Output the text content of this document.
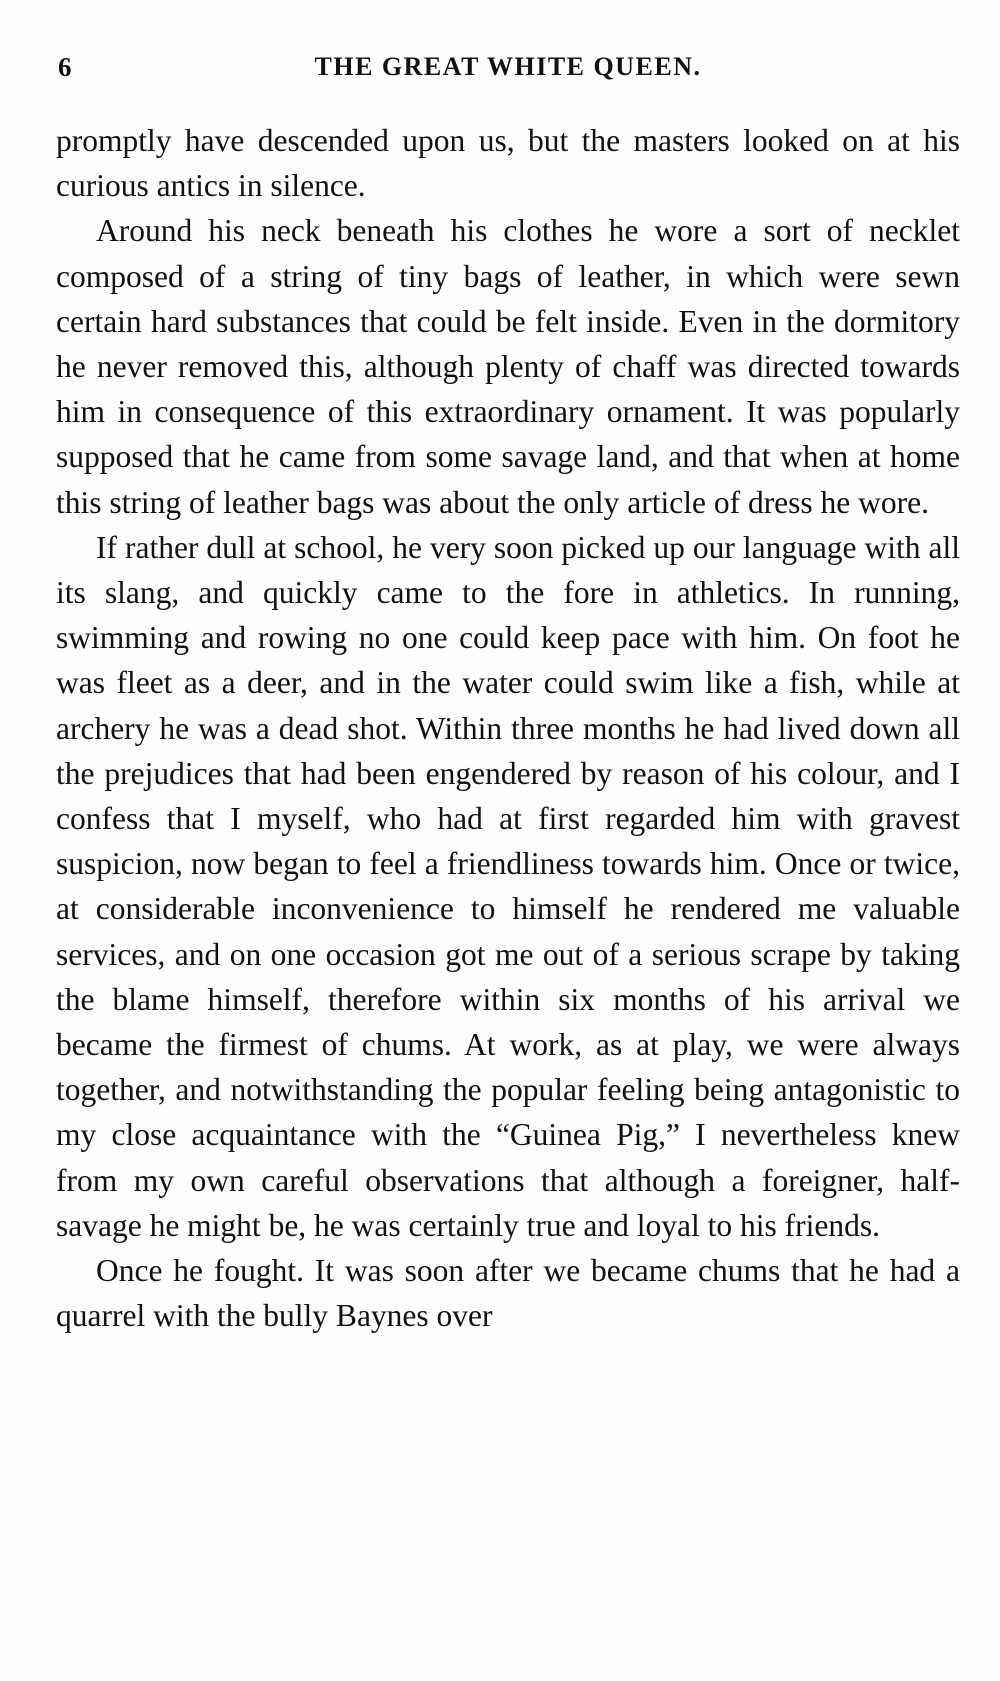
6	THE GREAT WHITE QUEEN.

promptly have descended upon us, but the masters looked on at his curious antics in silence.

Around his neck beneath his clothes he wore a sort of necklet composed of a string of tiny bags of leather, in which were sewn certain hard substances that could be felt inside. Even in the dormitory he never removed this, although plenty of chaff was directed towards him in consequence of this extraordinary ornament. It was popularly supposed that he came from some savage land, and that when at home this string of leather bags was about the only article of dress he wore.

If rather dull at school, he very soon picked up our language with all its slang, and quickly came to the fore in athletics. In running, swimming and rowing no one could keep pace with him. On foot he was fleet as a deer, and in the water could swim like a fish, while at archery he was a dead shot. Within three months he had lived down all the prejudices that had been engendered by reason of his colour, and I confess that I myself, who had at first regarded him with gravest suspicion, now began to feel a friendliness towards him. Once or twice, at considerable inconvenience to himself he rendered me valuable services, and on one occasion got me out of a serious scrape by taking the blame himself, therefore within six months of his arrival we became the firmest of chums. At work, as at play, we were always together, and notwithstanding the popular feeling being antagonistic to my close acquaintance with the “Guinea Pig,” I nevertheless knew from my own careful observations that although a foreigner, half-savage he might be, he was certainly true and loyal to his friends.

Once he fought. It was soon after we became chums that he had a quarrel with the bully Baynes over
